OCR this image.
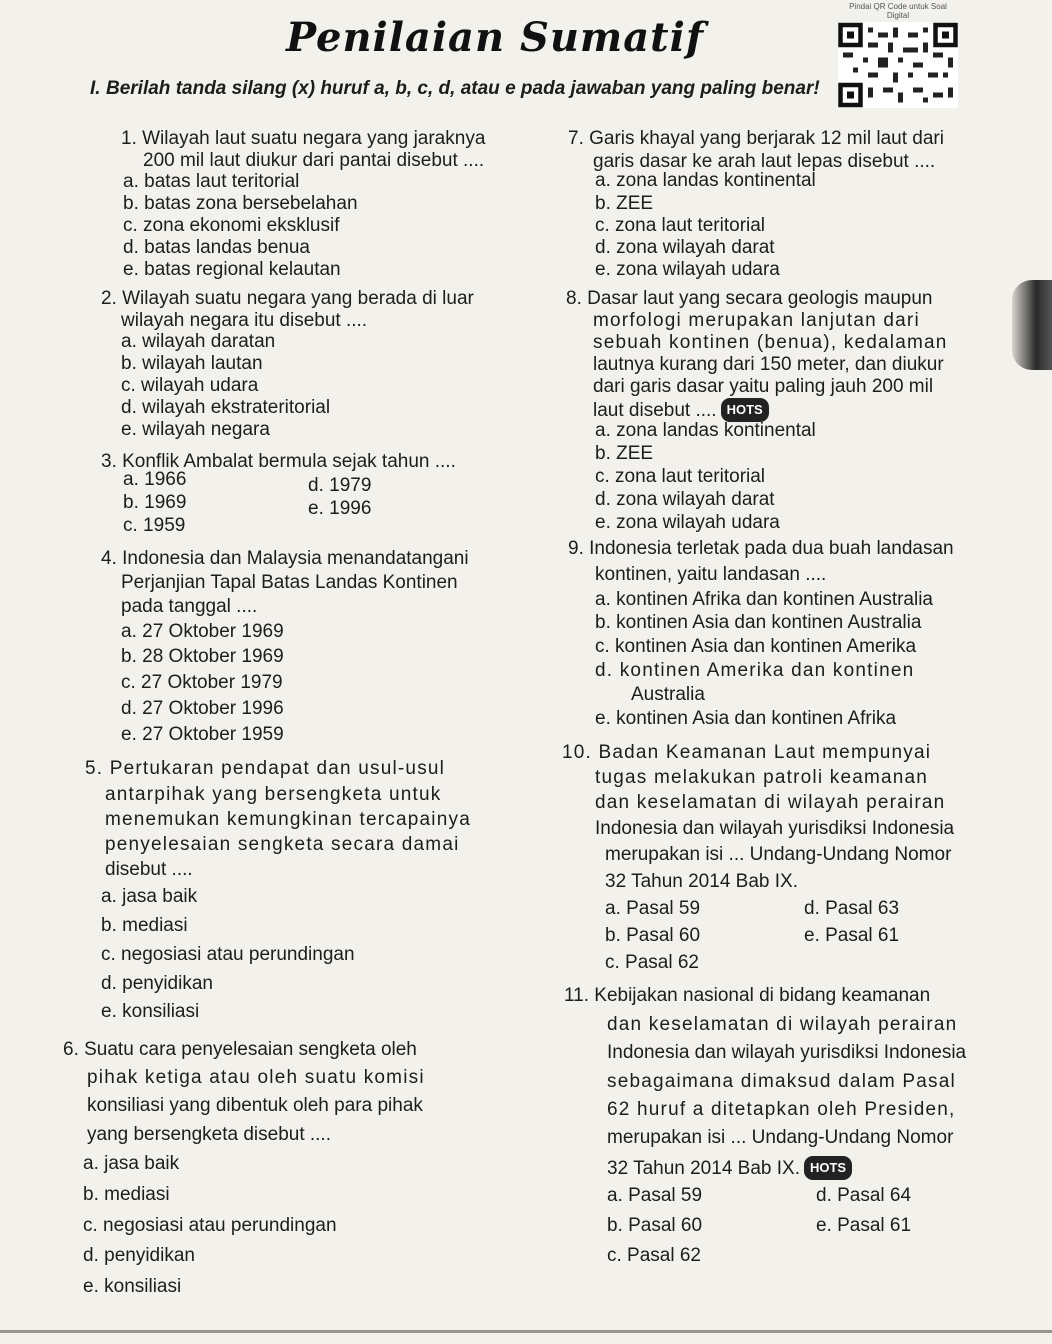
Pindai QR Code untuk Soal Digital
Penilaian Sumatif
I. Berilah tanda silang (x) huruf a, b, c, d, atau e pada jawaban yang paling benar!
1. Wilayah laut suatu negara yang jaraknya
200 mil laut diukur dari pantai disebut ....
a. batas laut teritorial
b. batas zona bersebelahan
c. zona ekonomi eksklusif
d. batas landas benua
e. batas regional kelautan
2. Wilayah suatu negara yang berada di luar
wilayah negara itu disebut ....
a. wilayah daratan
b. wilayah lautan
c. wilayah udara
d. wilayah ekstrateritorial
e. wilayah negara
3. Konflik Ambalat bermula sejak tahun ....
a. 1966
b. 1969
c. 1959
d. 1979
e. 1996
4. Indonesia dan Malaysia menandatangani
Perjanjian Tapal Batas Landas Kontinen
pada tanggal ....
a. 27 Oktober 1969
b. 28 Oktober 1969
c. 27 Oktober 1979
d. 27 Oktober 1996
e. 27 Oktober 1959
5. Pertukaran pendapat dan usul-usul
antarpihak yang bersengketa untuk
menemukan kemungkinan tercapainya
penyelesaian sengketa secara damai
disebut ....
a. jasa baik
b. mediasi
c. negosiasi atau perundingan
d. penyidikan
e. konsiliasi
6. Suatu cara penyelesaian sengketa oleh
pihak ketiga atau oleh suatu komisi
konsiliasi yang dibentuk oleh para pihak
yang bersengketa disebut ....
a. jasa baik
b. mediasi
c. negosiasi atau perundingan
d. penyidikan
e. konsiliasi
7. Garis khayal yang berjarak 12 mil laut dari
garis dasar ke arah laut lepas disebut ....
a. zona landas kontinental
b. ZEE
c. zona laut teritorial
d. zona wilayah darat
e. zona wilayah udara
8. Dasar laut yang secara geologis maupun
morfologi merupakan lanjutan dari
sebuah kontinen (benua), kedalaman
lautnya kurang dari 150 meter, dan diukur
dari garis dasar yaitu paling jauh 200 mil
laut disebut .... HOTS
a. zona landas kontinental
b. ZEE
c. zona laut teritorial
d. zona wilayah darat
e. zona wilayah udara
9. Indonesia terletak pada dua buah landasan
kontinen, yaitu landasan ....
a. kontinen Afrika dan kontinen Australia
b. kontinen Asia dan kontinen Australia
c. kontinen Asia dan kontinen Amerika
d. kontinen Amerika dan kontinen
Australia
e. kontinen Asia dan kontinen Afrika
10. Badan Keamanan Laut mempunyai
tugas melakukan patroli keamanan
dan keselamatan di wilayah perairan
Indonesia dan wilayah yurisdiksi Indonesia
merupakan isi ... Undang-Undang Nomor
32 Tahun 2014 Bab IX.
a. Pasal 59
b. Pasal 60
c. Pasal 62
d. Pasal 63
e. Pasal 61
11. Kebijakan nasional di bidang keamanan
dan keselamatan di wilayah perairan
Indonesia dan wilayah yurisdiksi Indonesia
sebagaimana dimaksud dalam Pasal
62 huruf a ditetapkan oleh Presiden,
merupakan isi ... Undang-Undang Nomor
32 Tahun 2014 Bab IX. HOTS
a. Pasal 59
b. Pasal 60
c. Pasal 62
d. Pasal 64
e. Pasal 61
